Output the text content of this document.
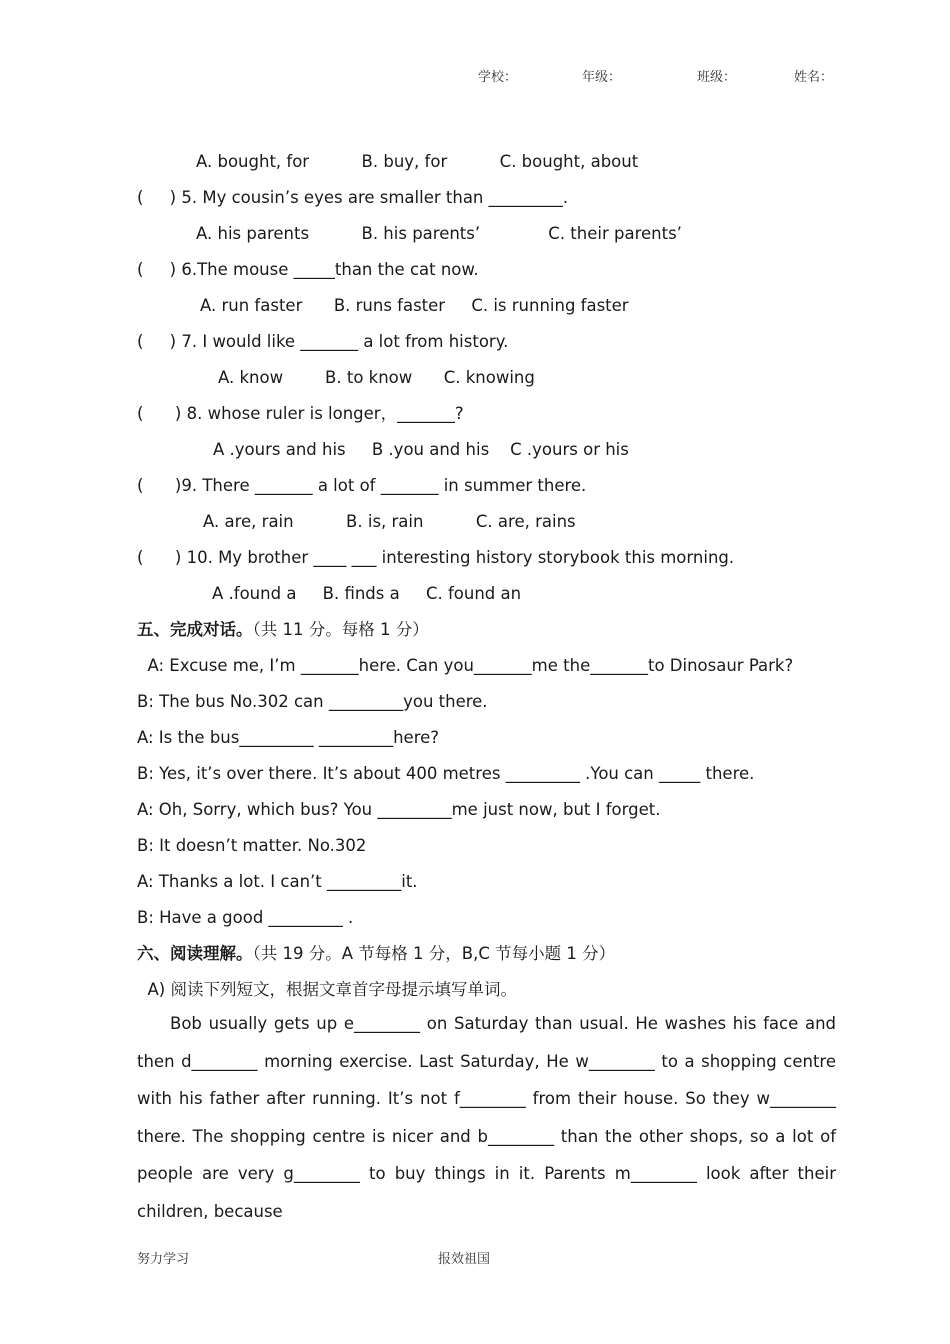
学校：	年级：	班级：	姓名：
A. bought, for          B. buy, for          C. bought, about
(     ) 5. My cousin’s eyes are smaller than _________.
A. his parents          B. his parents’             C. their parents’
(     ) 6.The mouse _____than the cat now.
A. run faster      B. runs faster     C. is running faster
(     ) 7. I would like _______ a lot from history.
A. know        B. to know      C. knowing
(      ) 8. whose ruler is longer，_______?
A .yours and his     B .you and his    C .yours or his
(      )9. There _______ a lot of _______ in summer there.
A. are, rain          B. is, rain          C. are, rains
(      ) 10. My brother ____ ___ interesting history storybook this morning.
A .found a     B. finds a     C. found an
五、完成对话。（共 11 分。每格 1 分）
A: Excuse me, I’m _______here. Can you_______me the_______to Dinosaur Park?
B: The bus No.302 can _________you there.
A: Is the bus_________ _________here?
B: Yes, it’s over there. It’s about 400 metres _________ .You can _____ there.
A: Oh, Sorry, which bus? You _________me just now, but I forget.
B: It doesn’t matter. No.302
A: Thanks a lot. I can’t _________it.
B: Have a good _________ .
六、阅读理解。（共 19 分。A 节每格 1 分，B,C 节每小题 1 分）
A) 阅读下列短文，根据文章首字母提示填写单词。
Bob usually gets up e________ on Saturday than usual. He washes his face and then d________ morning exercise. Last Saturday, He w________ to a shopping centre with his father after running. It’s not f________ from their house. So they w________ there. The shopping centre is nicer and b________ than the other shops, so a lot of people are very g________ to buy things in it. Parents m________ look after their children, because
努力学习	报效祖国
